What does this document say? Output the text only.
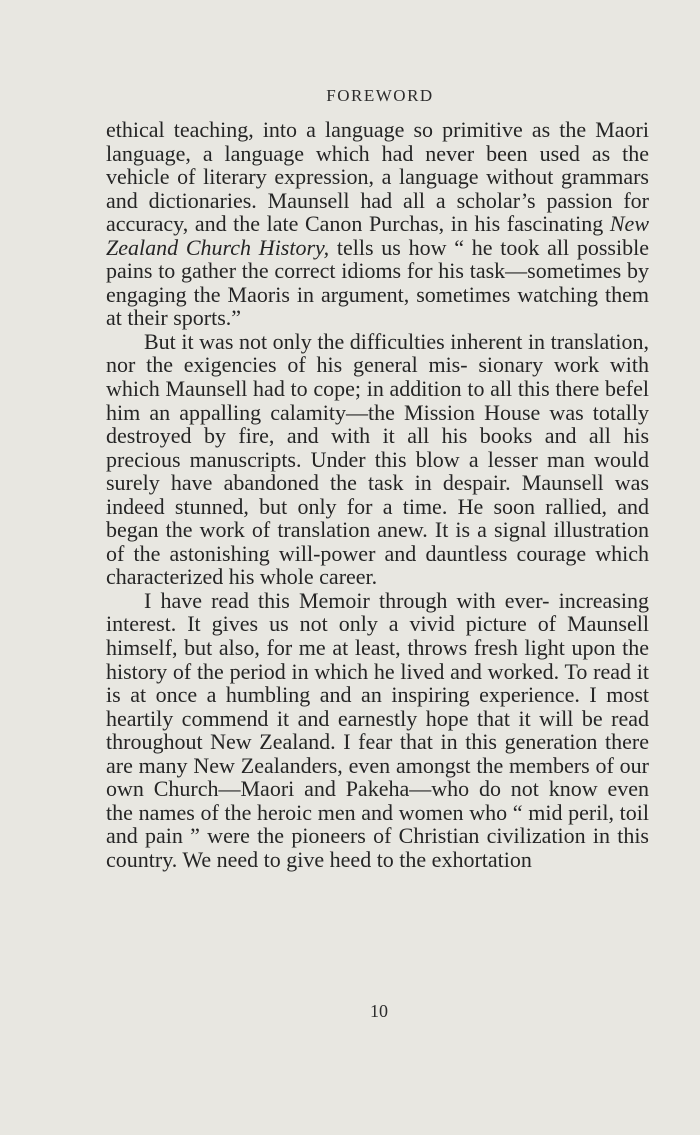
FOREWORD

ethical teaching, into a language so primitive as the Maori language, a language which had never been used as the vehicle of literary expression, a language without grammars and dictionaries. Maunsell had all a scholar’s passion for accuracy, and the late Canon Purchas, in his fascinating New Zealand Church History, tells us how “ he took all possible pains to gather the correct idioms for his task—sometimes by engaging the Maoris in argument, sometimes watching them at their sports.”

But it was not only the difficulties inherent in translation, nor the exigencies of his general mis- sionary work with which Maunsell had to cope; in addition to all this there befel him an appalling calamity—the Mission House was totally destroyed by fire, and with it all his books and all his precious manuscripts. Under this blow a lesser man would surely have abandoned the task in despair. Maunsell was indeed stunned, but only for a time. He soon rallied, and began the work of translation anew. It is a signal illustration of the astonishing will-power and dauntless courage which characterized his whole career.

I have read this Memoir through with ever- increasing interest. It gives us not only a vivid picture of Maunsell himself, but also, for me at least, throws fresh light upon the history of the period in which he lived and worked. To read it is at once a humbling and an inspiring experience. I most heartily commend it and earnestly hope that it will be read throughout New Zealand. I fear that in this generation there are many New Zealanders, even amongst the members of our own Church—Maori and Pakeha—who do not know even the names of the heroic men and women who “ mid peril, toil and pain ” were the pioneers of Christian civilization in this country. We need to give heed to the exhortation

10
